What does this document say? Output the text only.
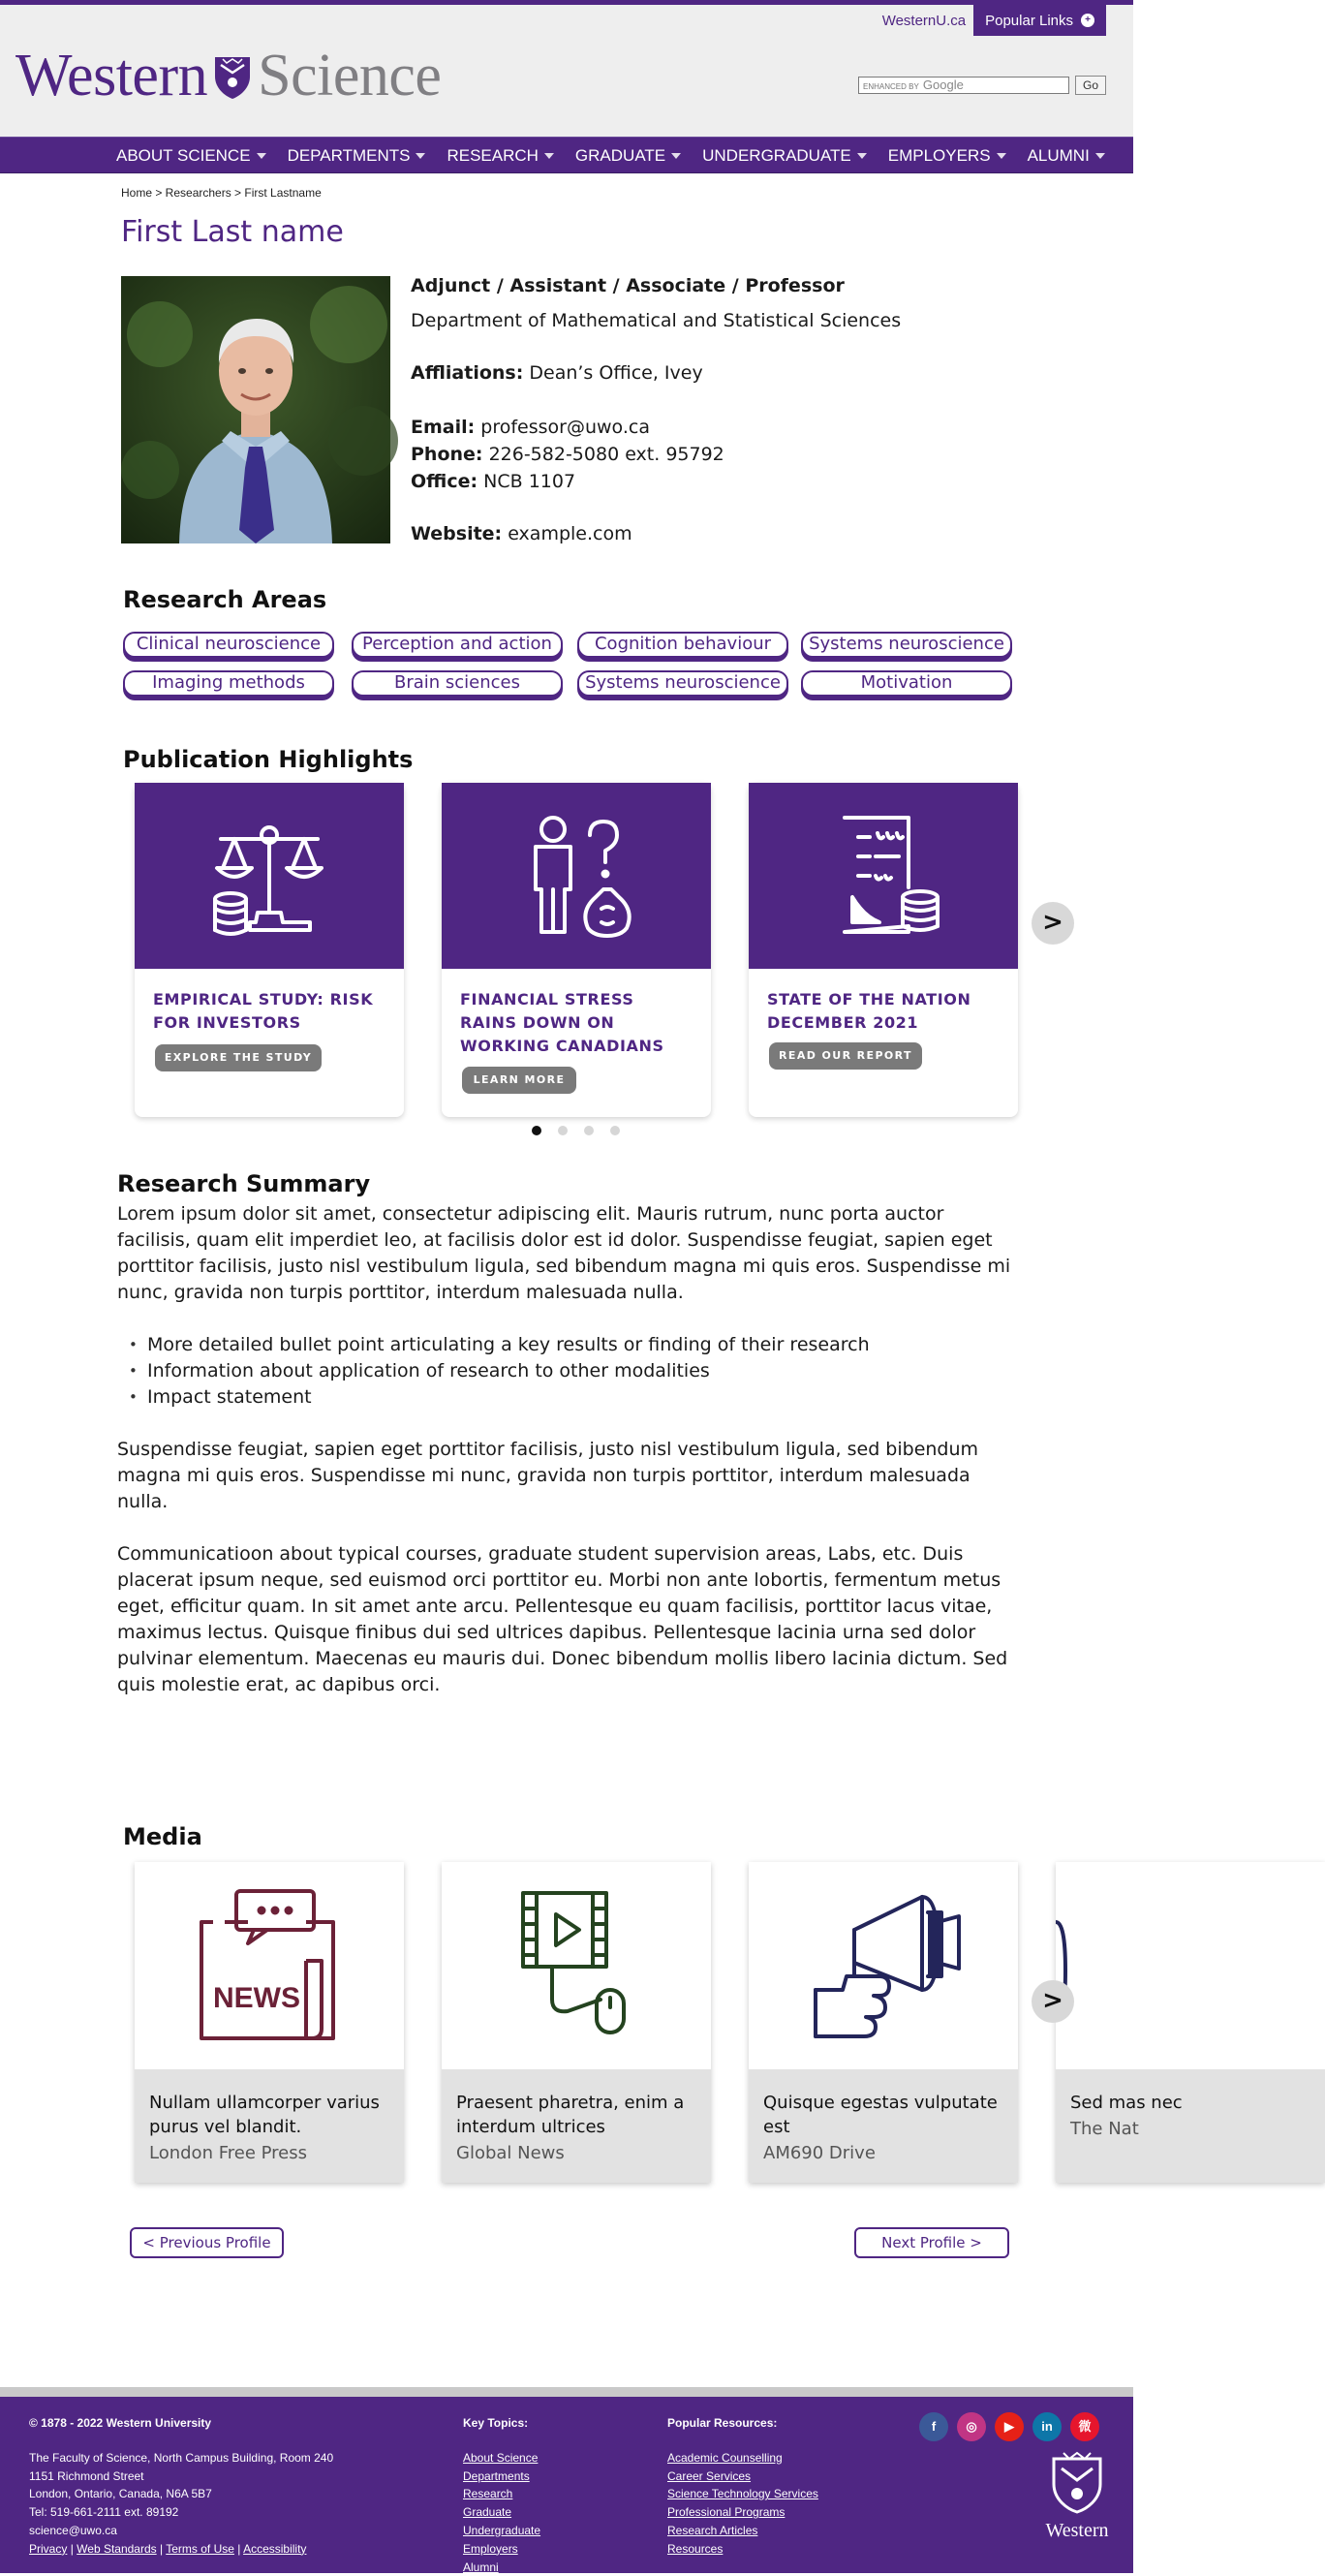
WesternU.ca Popular Links	+
Western Science	ENHANCED BY Google	Go
ABOUT SCIENCE DEPARTMENTS RESEARCH GRADUATE UNDERGRADUATE EMPLOYERS ALUMNI
Home > Researchers > First Lastname
First Last name
Adjunct / Assistant / Associate / Professor
Department of Mathematical and Statistical Sciences
Affliations: Dean’s Office, Ivey
Email: professor@uwo.ca
Phone: 226-582-5080 ext. 95792
Office: NCB 1107
Website: example.com
Research Areas
Clinical neuroscience	Perception and action	Cognition behaviour	Systems neuroscience
Imaging methods	Brain sciences	Systems neuroscience	Motivation
Publication Highlights
EMPIRICAL STUDY: RISK FOR INVESTORS
EXPLORE THE STUDY
FINANCIAL STRESS RAINS DOWN ON WORKING CANADIANS
LEARN MORE
STATE OF THE NATION DECEMBER 2021
READ OUR REPORT
>
Research Summary

Lorem ipsum dolor sit amet, consectetur adipiscing elit. Mauris rutrum, nunc porta auctor facilisis, quam elit imperdiet leo, at facilisis dolor est id dolor. Suspendisse feugiat, sapien eget porttitor facilisis, justo nisl vestibulum ligula, sed bibendum magna mi quis eros. Suspendisse mi nunc, gravida non turpis porttitor, interdum malesuada nulla.

• More detailed bullet point articulating a key results or finding of their research
• Information about application of research to other modalities
• Impact statement

Suspendisse feugiat, sapien eget porttitor facilisis, justo nisl vestibulum ligula, sed bibendum magna mi quis eros. Suspendisse mi nunc, gravida non turpis porttitor, interdum malesuada nulla.

Communicatioon about typical courses, graduate student supervision areas, Labs, etc. Duis placerat ipsum neque, sed euismod orci porttitor eu. Morbi non ante lobortis, fermentum metus eget, efficitur quam. In sit amet ante arcu. Pellentesque eu quam facilisis, porttitor lacus vitae, maximus lectus. Quisque finibus dui sed ultrices dapibus. Pellentesque lacinia urna sed dolor pulvinar elementum. Maecenas eu mauris dui. Donec bibendum mollis libero lacinia dictum. Sed quis molestie erat, ac dapibus orci.

Media
NEWS
Nullam ullamcorper varius purus vel blandit.
London Free Press
Praesent pharetra, enim a interdum ultrices
Global News
Quisque egestas vulputate est
AM690 Drive
Sed mas nec
The Nat
>
< Previous Profile	Next Profile >
© 1878 - 2022 Western University
The Faculty of Science, North Campus Building, Room 240
1151 Richmond Street
London, Ontario, Canada, N6A 5B7
Tel: 519-661-2111 ext. 89192
science@uwo.ca
Privacy | Web Standards | Terms of Use | Accessibility
Key Topics:
About Science
Departments
Research
Graduate
Undergraduate
Employers
Alumni
Popular Resources:
Academic Counselling
Career Services
Science Technology Services
Professional Programs
Research Articles
Resources
f	◎	▶	in	微
Western
